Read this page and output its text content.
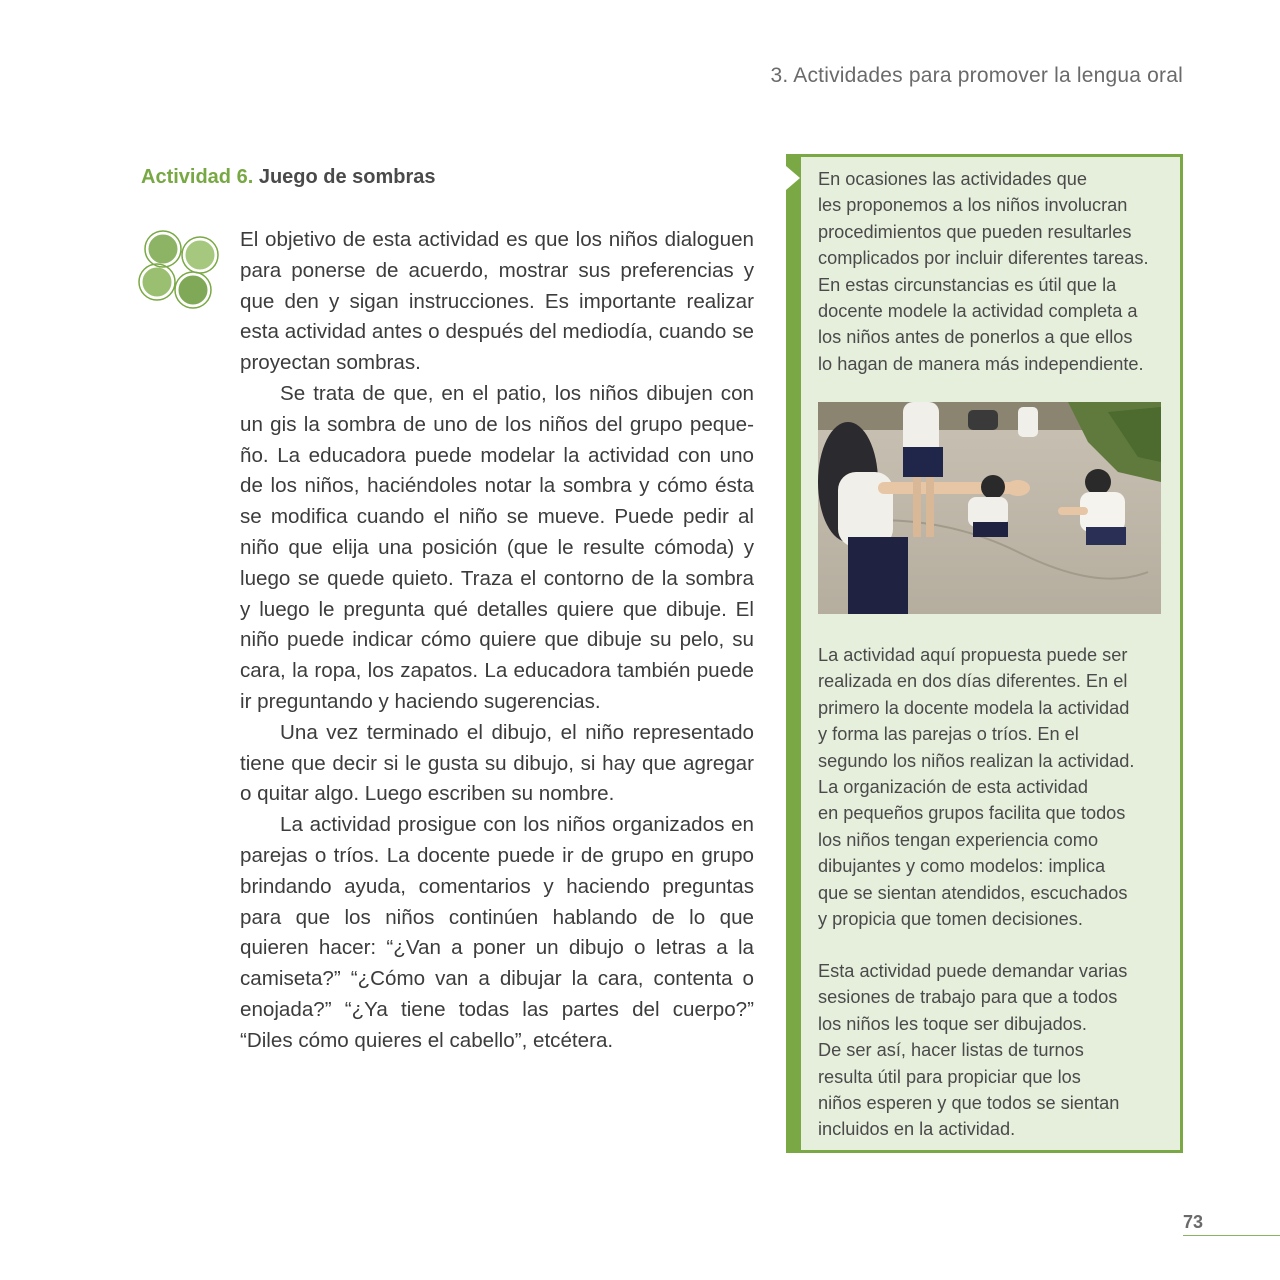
3. Actividades para promover la lengua oral
Actividad 6. Juego de sombras

El objetivo de esta actividad es que los niños dialoguen para ponerse de acuerdo, mostrar sus preferencias y que den y sigan instrucciones. Es importante realizar esta actividad antes o después del mediodía, cuando se proyectan sombras.

Se trata de que, en el patio, los niños dibujen con un gis la sombra de uno de los niños del grupo pequeño. La educadora puede modelar la actividad con uno de los niños, haciéndoles notar la sombra y cómo ésta se modifica cuando el niño se mueve. Puede pedir al niño que elija una posición (que le resulte cómoda) y luego se quede quieto. Traza el contorno de la sombra y luego le pregunta qué detalles quiere que dibuje. El niño puede indicar cómo quiere que dibuje su pelo, su cara, la ropa, los zapatos. La educadora también puede ir preguntando y haciendo sugerencias.

Una vez terminado el dibujo, el niño representado tiene que decir si le gusta su dibujo, si hay que agregar o quitar algo. Luego escriben su nombre.

La actividad prosigue con los niños organizados en parejas o tríos. La docente puede ir de grupo en grupo brindando ayuda, comentarios y haciendo preguntas para que los niños continúen hablando de lo que quieren hacer: “¿Van a poner un dibujo o letras a la camiseta?” “¿Cómo van a dibujar la cara, contenta o enojada?” “¿Ya tiene todas las partes del cuerpo?” “Diles cómo quieres el cabello”, etcétera.

En ocasiones las actividades que

les proponemos a los niños involucran

procedimientos que pueden resultarles

complicados por incluir diferentes tareas.

En estas circunstancias es útil que la

docente modele la actividad completa a

los niños antes de ponerlos a que ellos

lo hagan de manera más independiente.

La actividad aquí propuesta puede ser

realizada en dos días diferentes. En el

primero la docente modela la actividad

y forma las parejas o tríos. En el

segundo los niños realizan la actividad.

La organización de esta actividad

en pequeños grupos facilita que todos

los niños tengan experiencia como

dibujantes y como modelos: implica

que se sientan atendidos, escuchados

y propicia que tomen decisiones.

Esta actividad puede demandar varias

sesiones de trabajo para que a todos

los niños les toque ser dibujados.

De ser así, hacer listas de turnos

resulta útil para propiciar que los

niños esperen y que todos se sientan

incluidos en la actividad.

73
